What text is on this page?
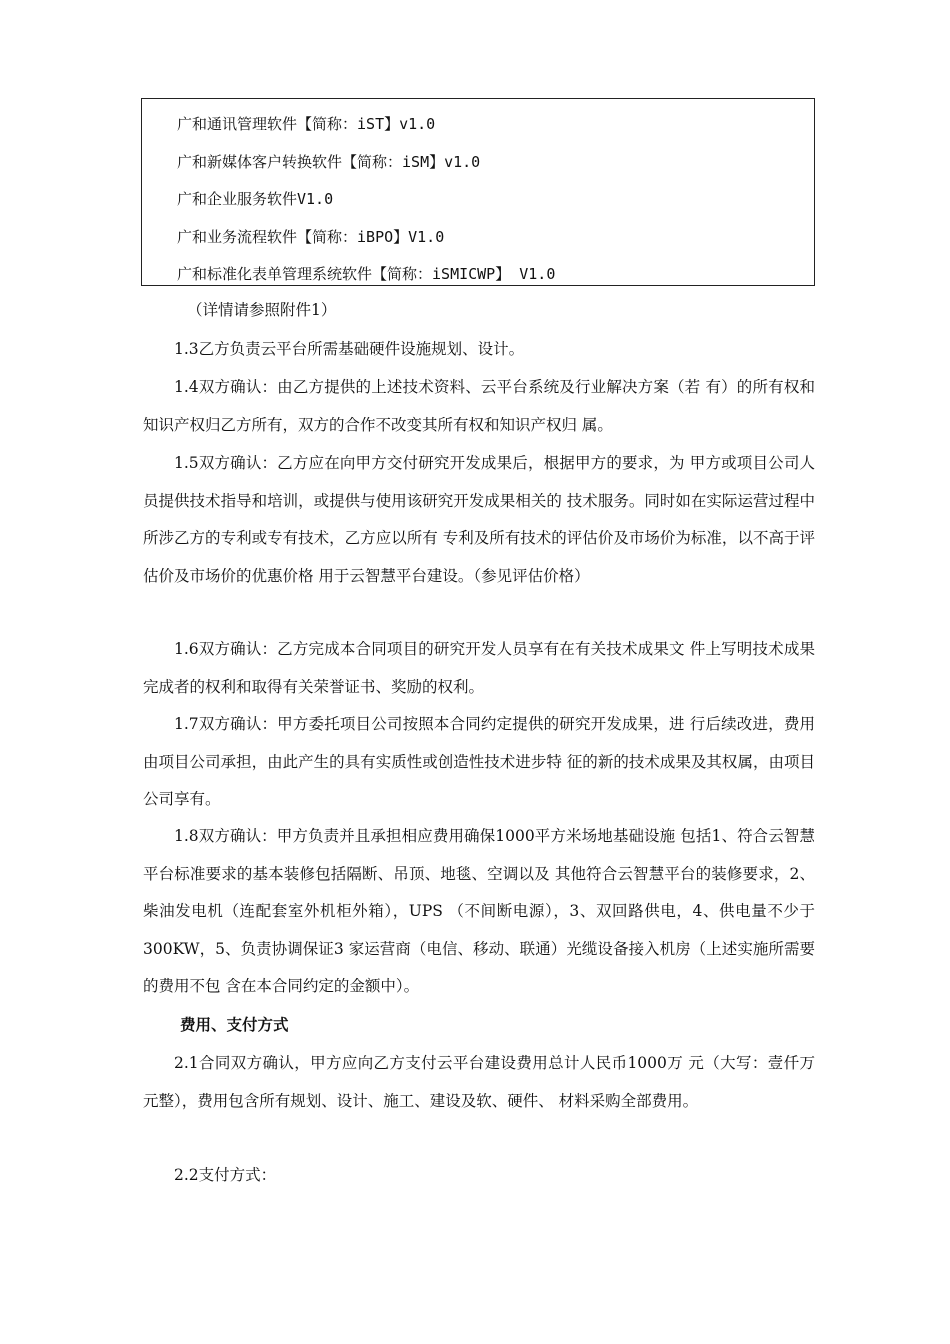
广和通讯管理软件【简称：iST】v1.0
广和新媒体客户转换软件【简称：iSM】v1.0
广和企业服务软件V1.0
广和业务流程软件【简称：iBPO】V1.0
广和标准化表单管理系统软件【简称：iSMICWP】 V1.0

（详情请参照附件1）

1.3乙方负责云平台所需基础硬件设施规划、设计。

1.4双方确认：由乙方提供的上述技术资料、云平台系统及行业解决方案（若 有）的所有权和知识产权归乙方所有，双方的合作不改变其所有权和知识产权归 属。

1.5双方确认：乙方应在向甲方交付研究开发成果后，根据甲方的要求，为 甲方或项目公司人员提供技术指导和培训，或提供与使用该研究开发成果相关的 技术服务。同时如在实际运营过程中所涉乙方的专利或专有技术，乙方应以所有 专利及所有技术的评估价及市场价为标准，以不高于评估价及市场价的优惠价格 用于云智慧平台建设。（参见评估价格）

1.6双方确认：乙方完成本合同项目的研究开发人员享有在有关技术成果文 件上写明技术成果完成者的权利和取得有关荣誉证书、奖励的权利。

1.7双方确认：甲方委托项目公司按照本合同约定提供的研究开发成果，进 行后续改进，费用由项目公司承担，由此产生的具有实质性或创造性技术进步特 征的新的技术成果及其权属，由项目公司享有。

1.8双方确认：甲方负责并且承担相应费用确保1000平方米场地基础设施 包括1、符合云智慧平台标准要求的基本装修包括隔断、吊顶、地毯、空调以及 其他符合云智慧平台的装修要求，2、柴油发电机（连配套室外机柜外箱），UPS （不间断电源），3、双回路供电，4、供电量不少于300KW，5、负责协调保证3 家运营商（电信、移动、联通）光缆设备接入机房（上述实施所需要的费用不包 含在本合同约定的金额中）。

费用、支付方式

2.1合同双方确认，甲方应向乙方支付云平台建设费用总计人民币1000万 元（大写：壹仟万元整），费用包含所有规划、设计、施工、建设及软、硬件、 材料采购全部费用。

2.2支付方式：
